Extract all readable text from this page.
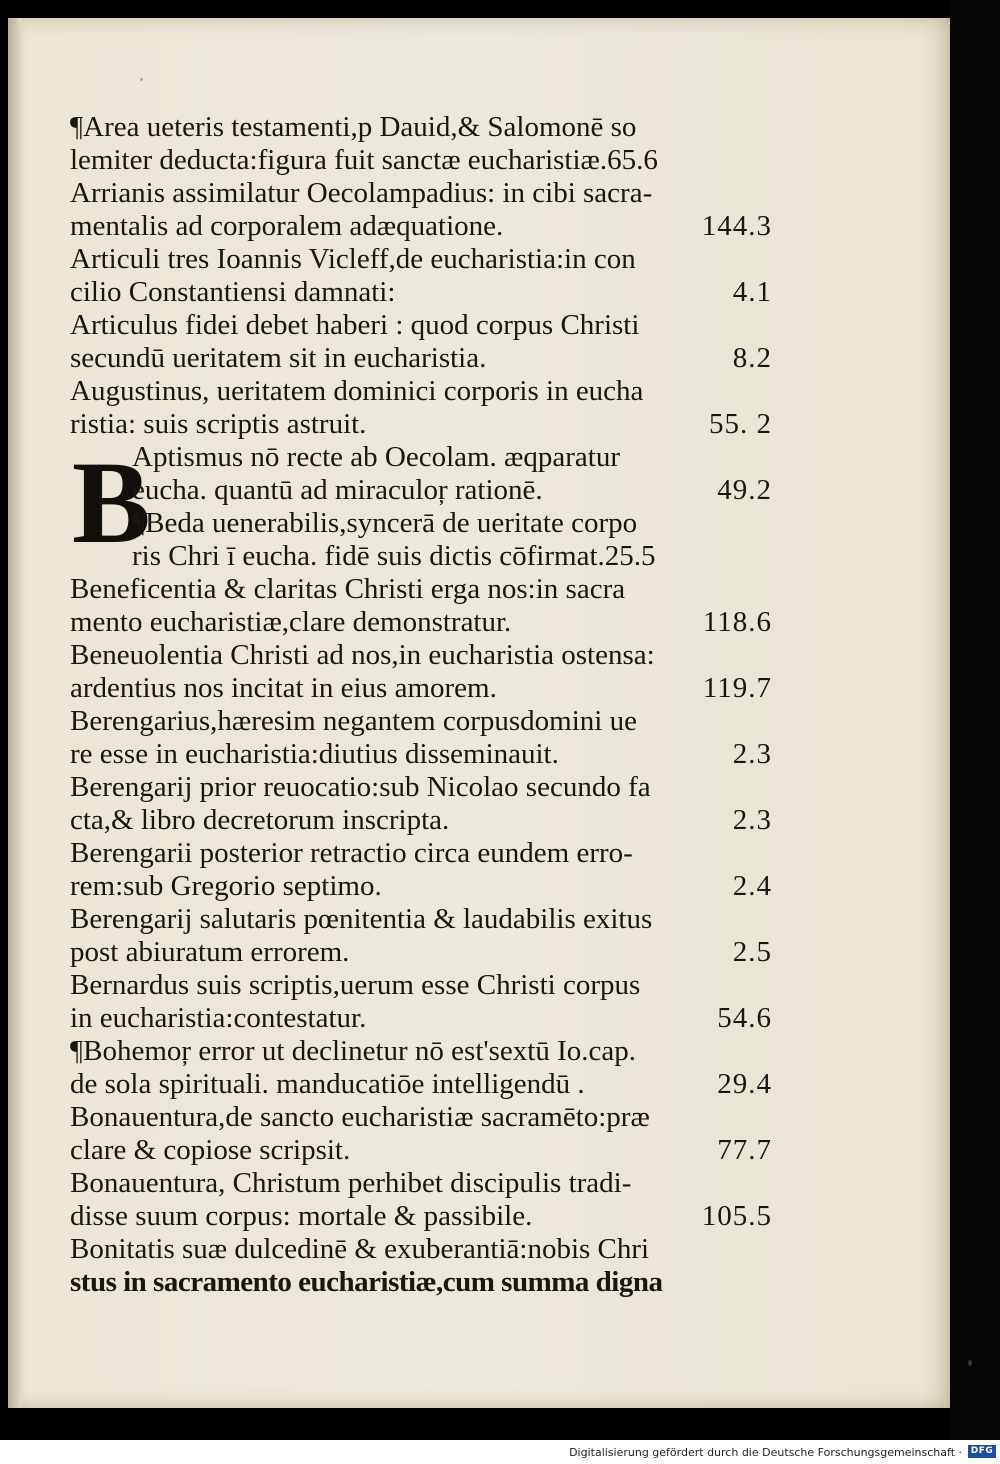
B
¶Area ueteris testamenti,p Dauid,& Salomonē so
lemiter deducta:figura fuit sanctæ eucharistiæ.65.6
Arrianis assimilatur Oecolampadius: in cibi sacra-
mentalis ad corporalem adæquatione.	144.3
Articuli tres Ioannis Vicleff,de eucharistia:in con
cilio Constantiensi damnati:	4.1
Articulus fidei debet haberi : quod corpus Christi
secundū ueritatem sit in eucharistia.	8.2
Augustinus, ueritatem dominici corporis in eucha
ristia: suis scriptis astruit.	55. 2
Aptismus nō recte ab Oecolam. æqparatur
eucha. quantū ad miraculoŗ rationē.	49.2
¶Beda uenerabilis,syncerā de ueritate corpo
ris Chri ī eucha. fidē suis dictis cōfirmat.25.5
Beneficentia & claritas Christi erga nos:in sacra
mento eucharistiæ,clare demonstratur.	118.6
Beneuolentia Christi ad nos,in eucharistia ostensa:
ardentius nos incitat in eius amorem.	119.7
Berengarius,hæresim negantem corpusdomini ue
re esse in eucharistia:diutius disseminauit.	2.3
Berengarij prior reuocatio:sub Nicolao secundo fa
cta,& libro decretorum inscripta.	2.3
Berengarii posterior retractio circa eundem erro-
rem:sub Gregorio septimo.	2.4
Berengarij salutaris pœnitentia & laudabilis exitus
post abiuratum errorem.	2.5
Bernardus suis scriptis,uerum esse Christi corpus
in eucharistia:contestatur.	54.6
¶Bohemoŗ error ut declinetur nō est'sextū Io.cap.
de sola spirituali. manducatiōe intelligendū .	29.4
Bonauentura,de sancto eucharistiæ sacramēto:præ
clare & copiose scripsit.	77.7
Bonauentura, Christum perhibet discipulis tradi-
disse suum corpus: mortale & passibile.	105.5
Bonitatis suæ dulcedinē & exuberantiā:nobis Chri
stus in sacramento eucharistiæ,cum summa digna
Digitalisierung gefördert durch die Deutsche Forschungsgemeinschaft · DFG
